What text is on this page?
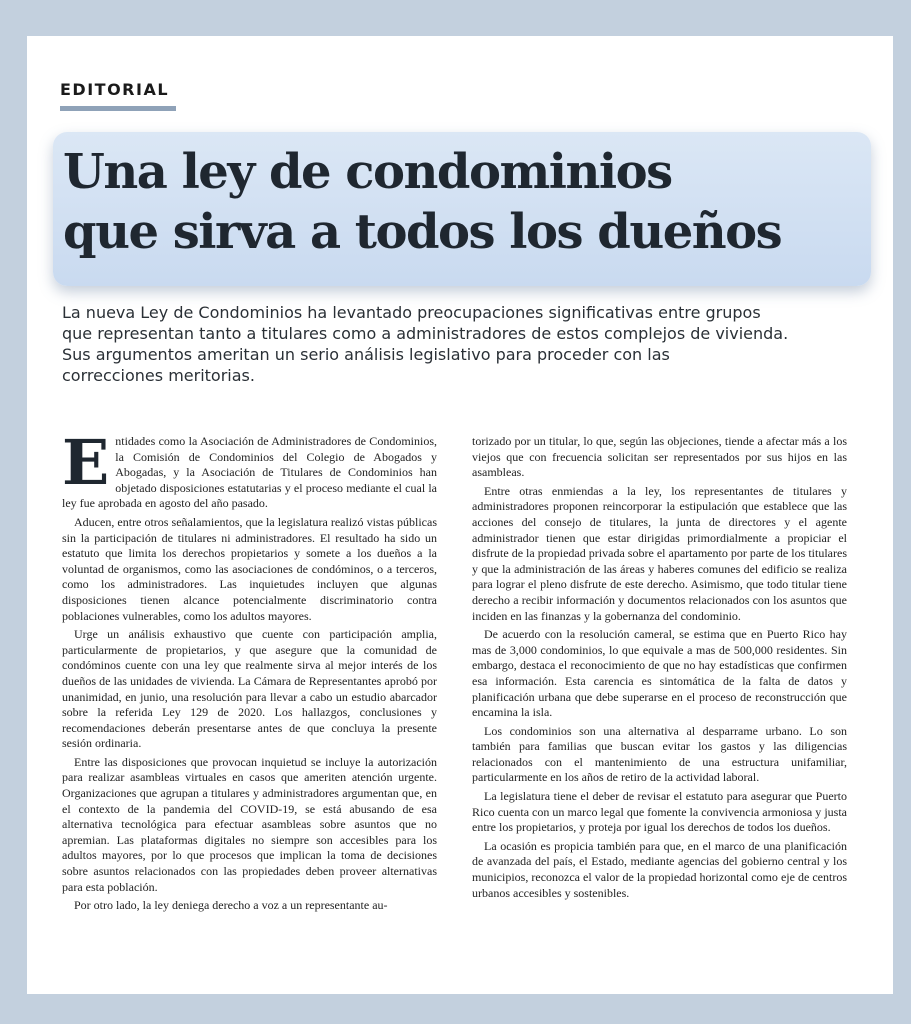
EDITORIAL
Una ley de condominios
que sirva a todos los dueños

La nueva Ley de Condominios ha levantado preocupaciones significativas entre grupos
que representan tanto a titulares como a administradores de estos complejos de vivienda.
Sus argumentos ameritan un serio análisis legislativo para proceder con las
correcciones meritorias.

Entidades como la Asociación de Administradores de Condominios, la Comisión de Condominios del Colegio de Abogados y Abogadas, y la Asociación de Titulares de Condominios han objetado disposiciones estatutarias y el proceso mediante el cual la ley fue aprobada en agosto del año pasado.

Aducen, entre otros señalamientos, que la legislatura realizó vistas públicas sin la participación de titulares ni administradores. El resultado ha sido un estatuto que limita los derechos propietarios y somete a los dueños a la voluntad de organismos, como las asociaciones de condóminos, o a terceros, como los administradores. Las inquietudes incluyen que algunas disposiciones tienen alcance potencialmente discriminatorio contra poblaciones vulnerables, como los adultos mayores.

Urge un análisis exhaustivo que cuente con participación amplia, particularmente de propietarios, y que asegure que la comunidad de condóminos cuente con una ley que realmente sirva al mejor interés de los dueños de las unidades de vivienda. La Cámara de Representantes aprobó por unanimidad, en junio, una resolución para llevar a cabo un estudio abarcador sobre la referida Ley 129 de 2020. Los hallazgos, conclusiones y recomendaciones deberán presentarse antes de que concluya la presente sesión ordinaria.

Entre las disposiciones que provocan inquietud se incluye la autorización para realizar asambleas virtuales en casos que ameriten atención urgente. Organizaciones que agrupan a titulares y administradores argumentan que, en el contexto de la pandemia del COVID-19, se está abusando de esa alternativa tecnológica para efectuar asambleas sobre asuntos que no apremian. Las plataformas digitales no siempre son accesibles para los adultos mayores, por lo que procesos que implican la toma de decisiones sobre asuntos relacionados con las propiedades deben proveer alternativas para esta población.

Por otro lado, la ley deniega derecho a voz a un representante au-

torizado por un titular, lo que, según las objeciones, tiende a afectar más a los viejos que con frecuencia solicitan ser representados por sus hijos en las asambleas.

Entre otras enmiendas a la ley, los representantes de titulares y administradores proponen reincorporar la estipulación que establece que las acciones del consejo de titulares, la junta de directores y el agente administrador tienen que estar dirigidas primordialmente a propiciar el disfrute de la propiedad privada sobre el apartamento por parte de los titulares y que la administración de las áreas y haberes comunes del edificio se realiza para lograr el pleno disfrute de este derecho. Asimismo, que todo titular tiene derecho a recibir información y documentos relacionados con los asuntos que inciden en las finanzas y la gobernanza del condominio.

De acuerdo con la resolución cameral, se estima que en Puerto Rico hay mas de 3,000 condominios, lo que equivale a mas de 500,000 residentes. Sin embargo, destaca el reconocimiento de que no hay estadísticas que confirmen esa información. Esta carencia es sintomática de la falta de datos y planificación urbana que debe superarse en el proceso de reconstrucción que encamina la isla.

Los condominios son una alternativa al desparrame urbano. Lo son también para familias que buscan evitar los gastos y las diligencias relacionados con el mantenimiento de una estructura unifamiliar, particularmente en los años de retiro de la actividad laboral.

La legislatura tiene el deber de revisar el estatuto para asegurar que Puerto Rico cuenta con un marco legal que fomente la convivencia armoniosa y justa entre los propietarios, y proteja por igual los derechos de todos los dueños.

La ocasión es propicia también para que, en el marco de una planificación de avanzada del país, el Estado, mediante agencias del gobierno central y los municipios, reconozca el valor de la propiedad horizontal como eje de centros urbanos accesibles y sostenibles.
